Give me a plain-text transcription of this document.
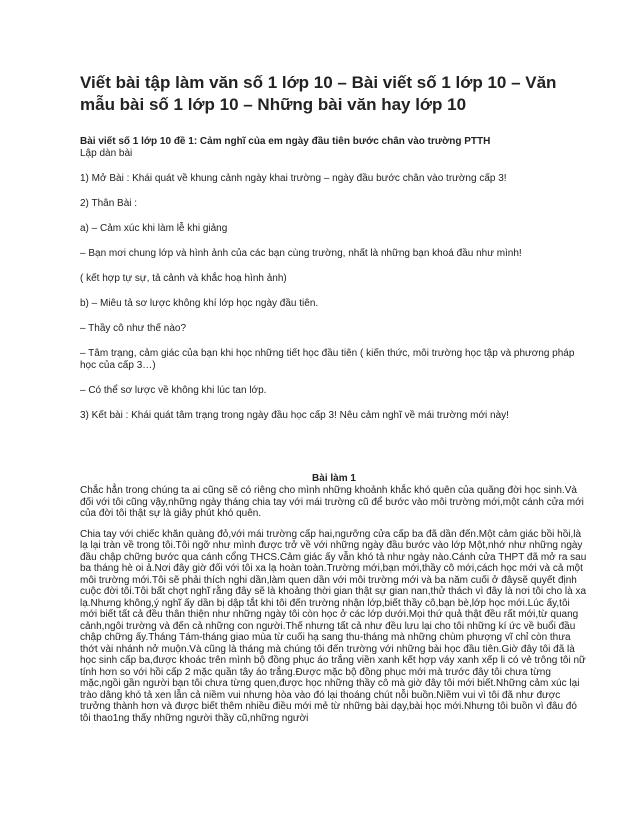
Viết bài tập làm văn số 1 lớp 10 – Bài viết số 1 lớp 10 – Văn mẫu bài số 1 lớp 10 – Những bài văn hay lớp 10

Bài viết số 1 lớp 10 đề 1: Cảm nghĩ của em ngày đầu tiên bước chân vào trường PTTH

Lập dàn bài

1) Mở Bài : Khái quát về khung cảnh ngày khai trường – ngày đầu bước chân vào trường cấp 3!

2) Thân Bài :

a) – Cảm xúc khi làm lễ khi giảng

– Bạn mơi chung lớp và hình ảnh của các bạn cùng trường, nhất là những bạn khoá đầu như mình!

( kết hợp tự sự, tả cảnh và khắc hoạ hình ảnh)

b) – Miêu tả sơ lược không khí lớp học ngày đầu tiên.

– Thầy cô như thế nào?

– Tâm trạng, cảm giác của bạn khi học những tiết học đầu tiên ( kiến thức, môi trường học tập và phương pháp học của cấp 3…)

– Có thể sơ lược về không khi lúc tan lớp.

3) Kết bài : Khái quát tâm trạng trong ngày đầu học cấp 3! Nêu cảm nghĩ về mái trường mới này!

Bài làm 1

Chắc hẳn trong chúng ta ai cũng sẽ có riêng cho mình những khoảnh khắc khó quên của quãng đời học sinh.Và đối với tôi cũng vậy,những ngày tháng chia tay với mái trường cũ để bước vào môi trường mới,một cánh cửa mới của đời tôi thật sự là giây phút khó quên.

Chia tay với chiếc khăn quàng đỏ,với mái trường cấp hai,ngưỡng cửa cấp ba đã dần đến.Một cảm giác bồi hồi,là lạ lại tràn về trong tôi.Tôi ngỡ như mình được trở về với những ngày đầu bước vào lớp Một,nhớ như những ngày đầu chập chững bước qua cánh cổng THCS.Cảm giác ấy vẫn khó tả như ngày nào.Cánh cửa THPT đã mở ra sau ba tháng hè oi ả.Nơi đây giờ đối với tôi xa lạ hoàn toàn.Trường mới,bạn mới,thầy cô mới,cách học mới và cả một môi trường mới.Tôi sẽ phải thích nghi dần,làm quen dần với môi trường mới và ba năm cuối ở đâysẽ quyết định cuộc đời tôi.Tôi bất chợt nghĩ rằng đây sẽ là khoảng thời gian thật sự gian nan,thử thách vì đây là nơi tôi cho là xa lạ.Nhưng không,ý nghĩ ấy dần bị dập tắt khi tôi đến trường nhận lớp,biết thầy cô,bạn bè,lớp học mới.Lúc ấy,tôi mới biết tất cả đều thân thiện như những ngày tôi còn học ở các lớp dưới.Mọi thứ quả thật đều rất mới,từ quang cảnh,ngôi trường và đến cả những con người.Thế nhưng tất cả như đều lưu lại cho tôi những kí ức về buổi đầu chập chững ấy.Tháng Tám-tháng giao mùa từ cuối hạ sang thu-tháng mà những chùm phượng vĩ chỉ còn thưa thớt vài nhánh nở muộn.Và cũng là tháng mà chúng tôi đến trường với những bài học đầu tiên.Giờ đây tôi đã là học sinh cấp ba,được khoác trên mình bộ đồng phục áo trắng viền xanh kết hợp váy xanh xếp li có vẻ trông tôi nữ tính hơn so với hồi cấp 2 mặc quần tây áo trắng.Được mặc bộ đồng phục mới mà trước đây tôi chưa từng mặc,ngồi gần người bạn tôi chưa từng quen,được học những thầy cô mà giờ đây tôi mới biết.Những cảm xúc lại trào dâng khó tả xen lẫn cả niềm vui nhưng hòa vào đó lại thoáng chút nỗi buồn.Niềm vui vì tôi đã như được trưởng thành hơn và được biết thêm nhiều điều mới mẻ từ những bài dạy,bài học mới.Nhưng tôi buồn vì đâu đó tôi thao1ng thấy những người thầy cũ,những người
